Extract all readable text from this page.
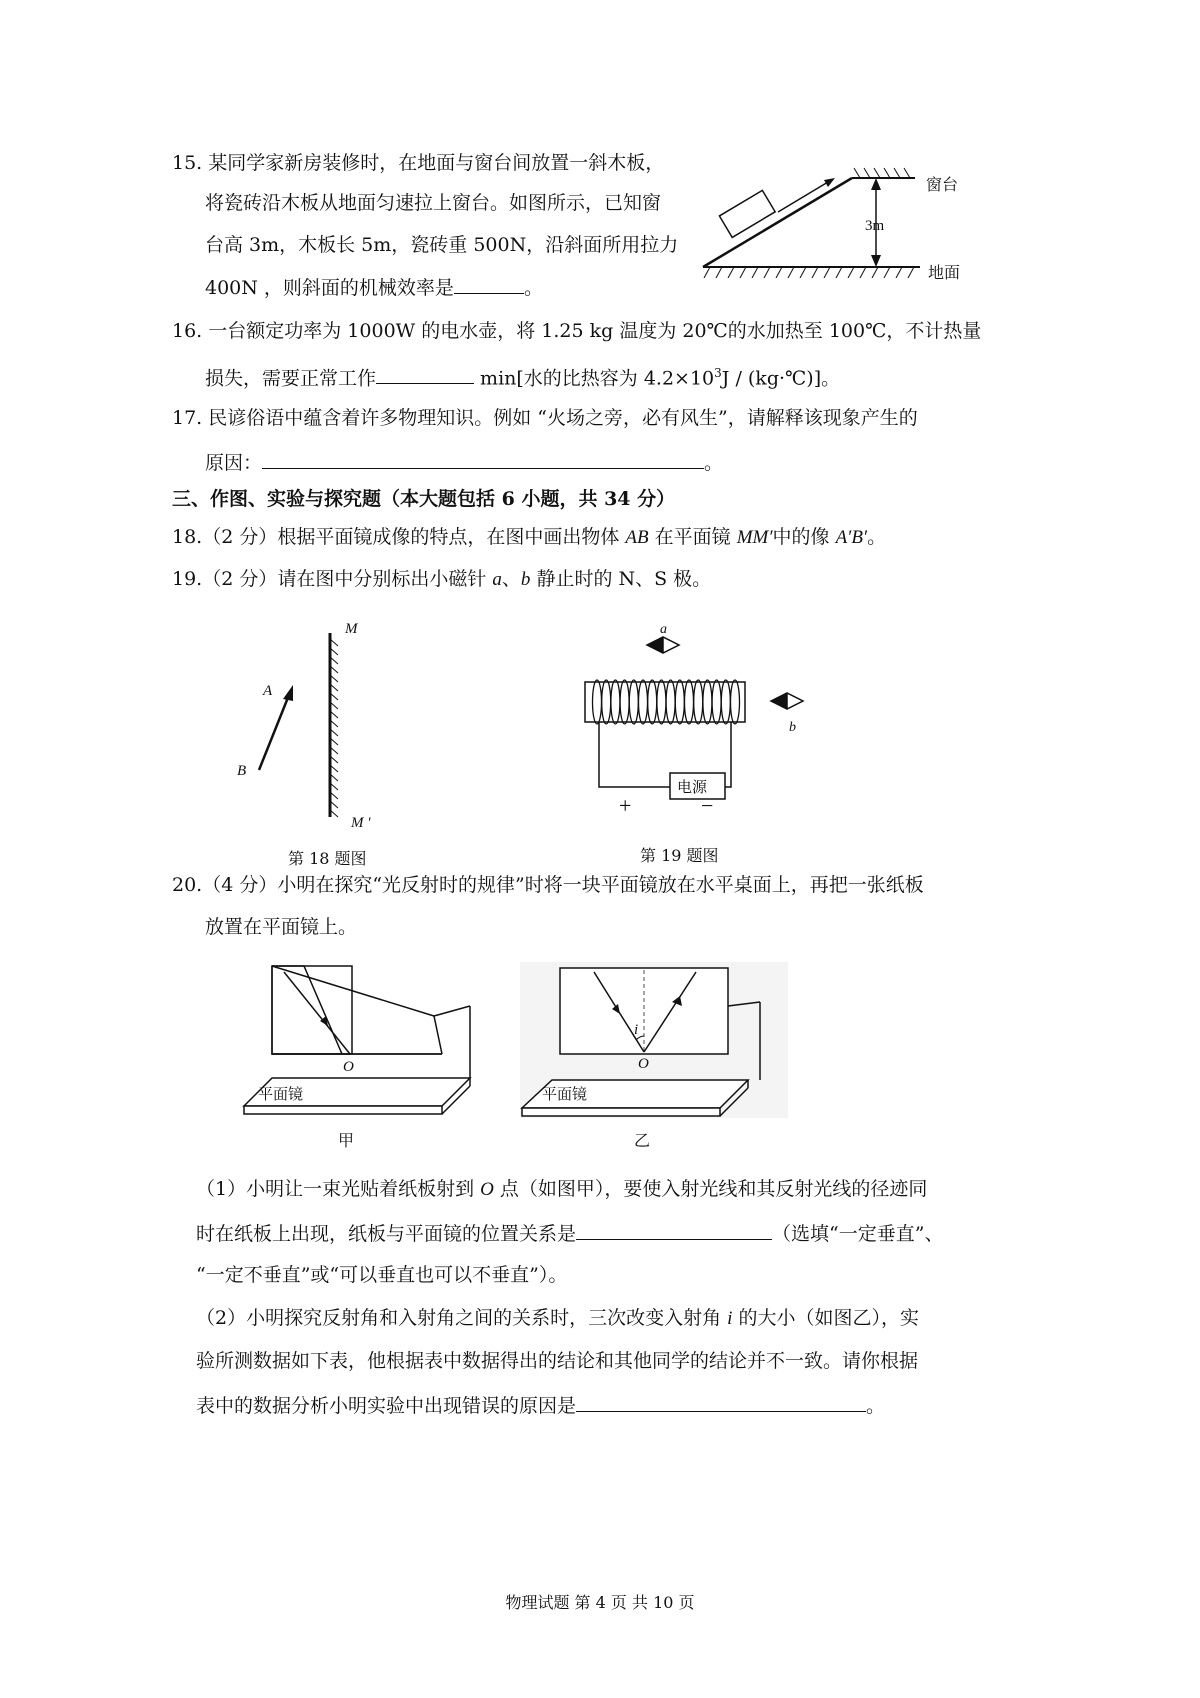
15. 某同学家新房装修时，在地面与窗台间放置一斜木板，
将瓷砖沿木板从地面匀速拉上窗台。如图所示，已知窗
台高 3m，木板长 5m，瓷砖重 500N，沿斜面所用拉力
400N ，则斜面的机械效率是	。
3m
窗台
地面
16. 一台额定功率为 1000W 的电水壶，将 1.25 kg 温度为 20℃的水加热至 100℃，不计热量
损失，需要正常工作	min[水的比热容为 $4.2\times 10^3J$ / (kg·℃)]。
17. 民谚俗语中蕴含着许多物理知识。例如 “火场之旁，必有风生”，请解释该现象产生的
原因：	。
三、作图、实验与探究题（本大题包括 6 小题，共 34 分）
18.（2 分）根据平面镜成像的特点，在图中画出物体 AB 在平面镜 MM′中的像 A′B′。
19.（2 分）请在图中分别标出小磁针 a、b 静止时的 N、S 极。
M
M ′
A
B
第 18 题图
a
b
电源
+	−
第 19 题图
20.（4 分）小明在探究“光反射时的规律”时将一块平面镜放在水平桌面上，再把一张纸板
放置在平面镜上。
O
平面镜
甲
i
O
平面镜
乙
（1）小明让一束光贴着纸板射到 O 点（如图甲），要使入射光线和其反射光线的径迹同
时在纸板上出现，纸板与平面镜的位置关系是	（选填“一定垂直”、
“一定不垂直”或“可以垂直也可以不垂直”）。
（2）小明探究反射角和入射角之间的关系时，三次改变入射角 i 的大小（如图乙），实
验所测数据如下表，他根据表中数据得出的结论和其他同学的结论并不一致。请你根据
表中的数据分析小明实验中出现错误的原因是	。
物理试题 第 4 页 共 10 页
